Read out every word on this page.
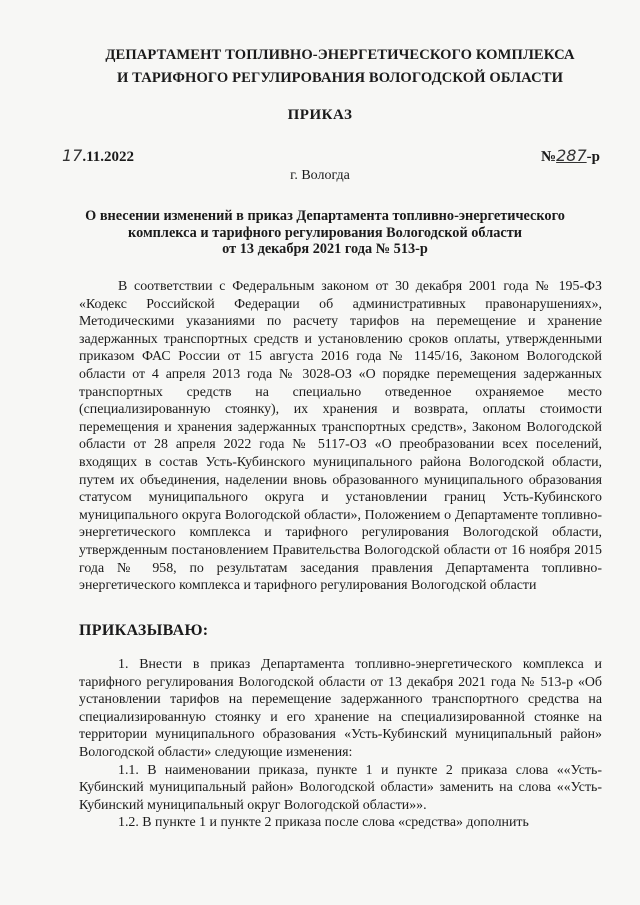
ДЕПАРТАМЕНТ ТОПЛИВНО-ЭНЕРГЕТИЧЕСКОГО КОМПЛЕКСА
И ТАРИФНОГО РЕГУЛИРОВАНИЯ ВОЛОГОДСКОЙ ОБЛАСТИ
ПРИКАЗ
17.11.2022	№287-р
г. Вологда
О внесении изменений в приказ Департамента топливно-энергетического
комплекса и тарифного регулирования Вологодской области
от 13 декабря 2021 года № 513-р

В соответствии с Федеральным законом от 30 декабря 2001 года № 195-ФЗ «Кодекс Российской Федерации об административных правонарушениях», Методическими указаниями по расчету тарифов на перемещение и хранение задержанных транспортных средств и установлению сроков оплаты, утвержденными приказом ФАС России от 15 августа 2016 года № 1145/16, Законом Вологодской области от 4 апреля 2013 года № 3028-ОЗ «О порядке перемещения задержанных транспортных средств на специально отведенное охраняемое место (специализированную стоянку), их хранения и возврата, оплаты стоимости перемещения и хранения задержанных транспортных средств», Законом Вологодской области от 28 апреля 2022 года № 5117-ОЗ «О преобразовании всех поселений, входящих в состав Усть-Кубинского муниципального района Вологодской области, путем их объединения, наделении вновь образованного муниципального образования статусом муниципального округа и установлении границ Усть-Кубинского муниципального округа Вологодской области», Положением о Департаменте топливно-энергетического комплекса и тарифного регулирования Вологодской области, утвержденным постановлением Правительства Вологодской области от 16 ноября 2015 года № 958, по результатам заседания правления Департамента топливно-энергетического комплекса и тарифного регулирования Вологодской области

ПРИКАЗЫВАЮ:

1. Внести в приказ Департамента топливно-энергетического комплекса и тарифного регулирования Вологодской области от 13 декабря 2021 года № 513-р «Об установлении тарифов на перемещение задержанного транспортного средства на специализированную стоянку и его хранение на специализированной стоянке на территории муниципального образования «Усть-Кубинский муниципальный район» Вологодской области» следующие изменения:

1.1. В наименовании приказа, пункте 1 и пункте 2 приказа слова ««Усть-Кубинский муниципальный район» Вологодской области» заменить на слова ««Усть-Кубинский муниципальный округ Вологодской области»».

1.2. В пункте 1 и пункте 2 приказа после слова «средства» дополнить
